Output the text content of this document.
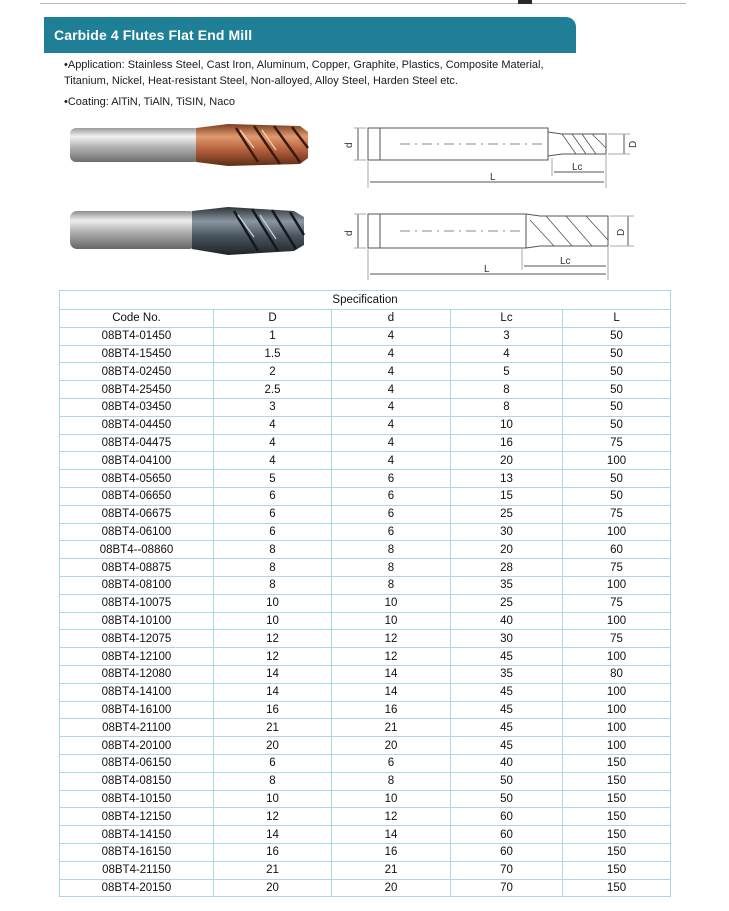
Carbide 4 Flutes Flat End Mill
•Application: Stainless Steel, Cast Iron, Aluminum, Copper, Graphite, Plastics, Composite Material, Titanium, Nickel, Heat-resistant Steel, Non-alloyed, Alloy Steel, Harden Steel etc.
•Coating: AlTiN, TiAlN, TiSIN, Naco
d	D
L
Lc
d	D
L
Lc
Specification				
Code No.	D	d	Lc	L
08BT4-01450	1	4	3	50
08BT4-15450	1.5	4	4	50
08BT4-02450	2	4	5	50
08BT4-25450	2.5	4	8	50
08BT4-03450	3	4	8	50
08BT4-04450	4	4	10	50
08BT4-04475	4	4	16	75
08BT4-04100	4	4	20	100
08BT4-05650	5	6	13	50
08BT4-06650	6	6	15	50
08BT4-06675	6	6	25	75
08BT4-06100	6	6	30	100
08BT4--08860	8	8	20	60
08BT4-08875	8	8	28	75
08BT4-08100	8	8	35	100
08BT4-10075	10	10	25	75
08BT4-10100	10	10	40	100
08BT4-12075	12	12	30	75
08BT4-12100	12	12	45	100
08BT4-12080	14	14	35	80
08BT4-14100	14	14	45	100
08BT4-16100	16	16	45	100
08BT4-21100	21	21	45	100
08BT4-20100	20	20	45	100
08BT4-06150	6	6	40	150
08BT4-08150	8	8	50	150
08BT4-10150	10	10	50	150
08BT4-12150	12	12	60	150
08BT4-14150	14	14	60	150
08BT4-16150	16	16	60	150
08BT4-21150	21	21	70	150
08BT4-20150	20	20	70	150
